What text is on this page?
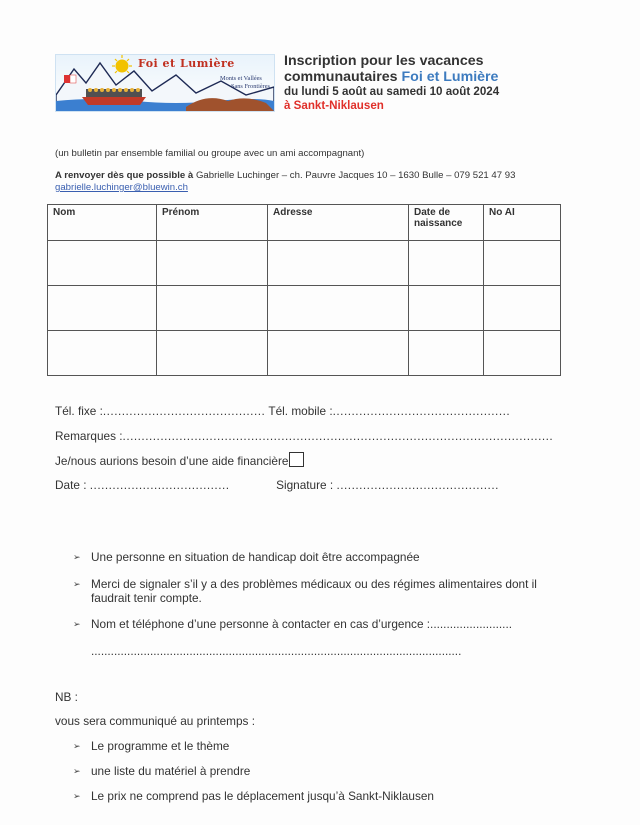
Foi et Lumière
Monts et Vallées
Sans Frontières
Inscription pour les vacances
communautaires Foi et Lumière
du lundi 5 août au samedi 10 août 2024
à Sankt-Niklausen
(un bulletin par ensemble familial ou groupe avec un ami accompagnant)
A renvoyer dès que possible à Gabrielle Luchinger – ch. Pauvre Jacques 10 – 1630 Bulle – 079 521 47 93
gabrielle.luchinger@bluewin.ch
Nom	Prénom	Adresse	Date de naissance	No AI

Tél. fixe :........................................... Tél. mobile :...............................................
Remarques :..................................................................................................................
Je/nous aurions besoin d’une aide financière
Date : .....................................	Signature : ...........................................
➢ Une personne en situation de handicap doit être accompagnée
➢ Merci de signaler s’il y a des problèmes médicaux ou des régimes alimentaires dont il faudrait tenir compte.
➢ Nom et téléphone d’une personne à contacter en cas d’urgence :.........................
.................................................................................................................
NB :
vous sera communiqué au printemps :
➢ Le programme et le thème
➢ une liste du matériel à prendre
➢ Le prix ne comprend pas le déplacement jusqu’à Sankt-Niklausen
